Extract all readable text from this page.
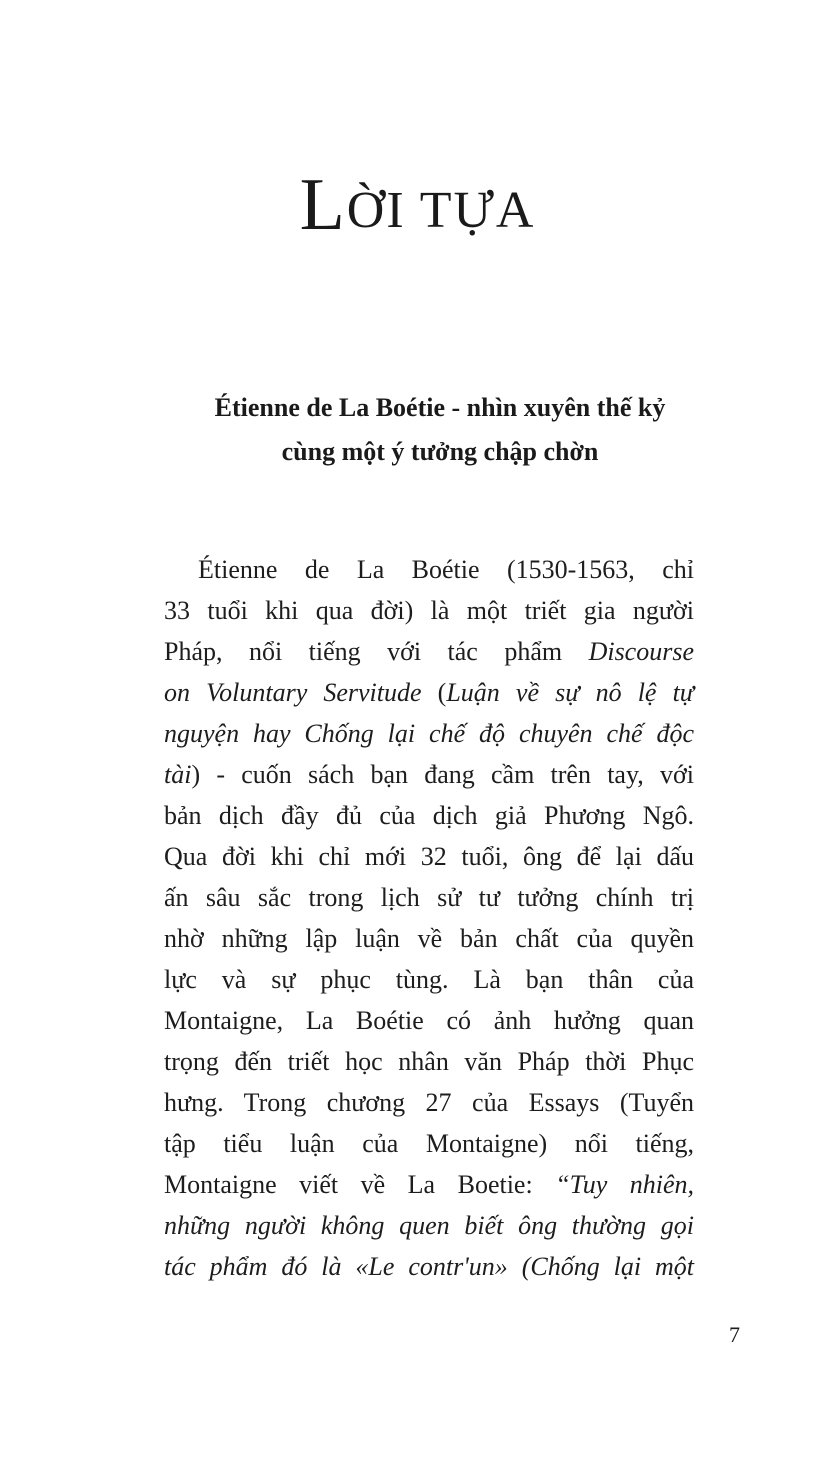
LỜI TỰA
Étienne de La Boétie - nhìn xuyên thế kỷ
cùng một ý tưởng chập chờn
Étienne de La Boétie (1530-1563, chỉ
33 tuổi khi qua đời) là một triết gia người
Pháp, nổi tiếng với tác phẩm Discourse
on Voluntary Servitude (Luận về sự nô lệ tự
nguyện hay Chống lại chế độ chuyên chế độc
tài) - cuốn sách bạn đang cầm trên tay, với
bản dịch đầy đủ của dịch giả Phương Ngô.
Qua đời khi chỉ mới 32 tuổi, ông để lại dấu
ấn sâu sắc trong lịch sử tư tưởng chính trị
nhờ những lập luận về bản chất của quyền
lực và sự phục tùng. Là bạn thân của
Montaigne, La Boétie có ảnh hưởng quan
trọng đến triết học nhân văn Pháp thời Phục
hưng. Trong chương 27 của Essays (Tuyển
tập tiểu luận của Montaigne) nổi tiếng,
Montaigne viết về La Boetie: “Tuy nhiên,
những người không quen biết ông thường gọi
tác phẩm đó là «Le contr'un» (Chống lại một
7
